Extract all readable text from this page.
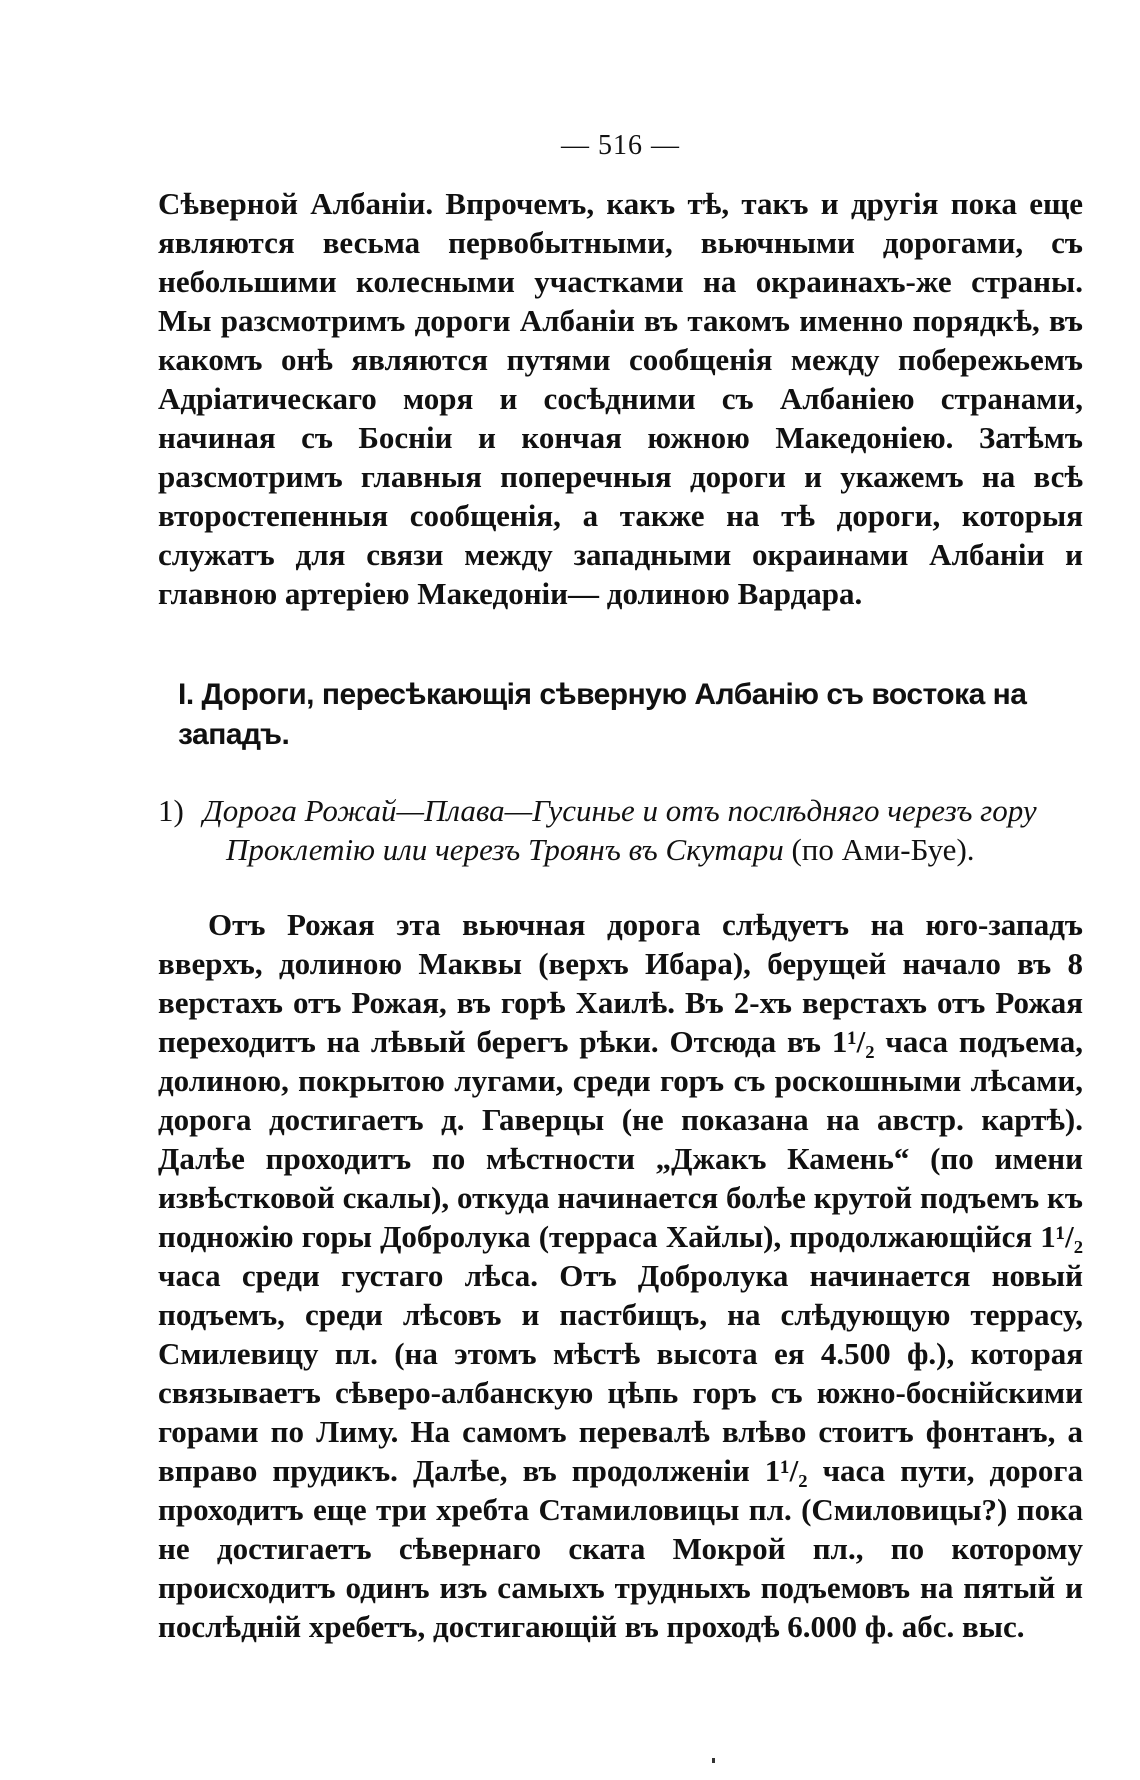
— 516 —

Сѣверной Албаніи. Впрочемъ, какъ тѣ, такъ и другія пока еще являются весьма первобытными, вьючными дорогами, съ небольшими колесными участками на окраинахъ-же страны. Мы разсмотримъ дороги Албаніи въ такомъ именно порядкѣ, въ какомъ онѣ являются путями сообщенія между побережьемъ Адріатическаго моря и сосѣдними съ Албаніею странами, начиная съ Босніи и кончая южною Македоніею. Затѣмъ разсмотримъ главныя поперечныя дороги и укажемъ на всѣ второстепенныя сообщенія, а также на тѣ дороги, которыя служатъ для связи между западными окраинами Албаніи и главною артеріею Македоніи— долиною Вардара.

I. Дороги, пересѣкающія сѣверную Албанію съ востока на западъ.
1) Дорога Рожай—Плава—Гусинье и отъ послѣдняго черезъ гору
Проклетію или черезъ Троянъ въ Скутари (по Ами-Буе).

Отъ Рожая эта вьючная дорога слѣдуетъ на юго-западъ вверхъ, долиною Маквы (верхъ Ибара), берущей начало въ 8 верстахъ отъ Рожая, въ горѣ Хаилѣ. Въ 2-хъ верстахъ отъ Рожая переходитъ на лѣвый берегъ рѣки. Отсюда въ 1¹/₂ часа подъема, долиною, покрытою лугами, среди горъ съ роскошными лѣсами, дорога достигаетъ д. Гаверцы (не показана на австр. картѣ). Далѣе проходитъ по мѣстности „Джакъ Камень“ (по имени извѣстковой скалы), откуда начинается болѣе крутой подъемъ къ подножію горы Добролука (терраса Хайлы), продолжающійся 1¹/₂ часа среди густаго лѣса. Отъ Добролука начинается новый подъемъ, среди лѣсовъ и пастбищъ, на слѣдующую террасу, Смилевицу пл. (на этомъ мѣстѣ высота ея 4.500 ф.), которая связываетъ сѣверо-албанскую цѣпь горъ съ южно-боснійскими горами по Лиму. На самомъ перевалѣ влѣво стоитъ фонтанъ, а вправо прудикъ. Далѣе, въ продолженіи 1¹/₂ часа пути, дорога проходитъ еще три хребта Стамиловицы пл. (Смиловицы?) пока не достигаетъ сѣвернаго ската Мокрой пл., по которому происходитъ одинъ изъ самыхъ трудныхъ подъемовъ на пятый и послѣдній хребетъ, достигающій въ проходѣ 6.000 ф. абс. выс.
